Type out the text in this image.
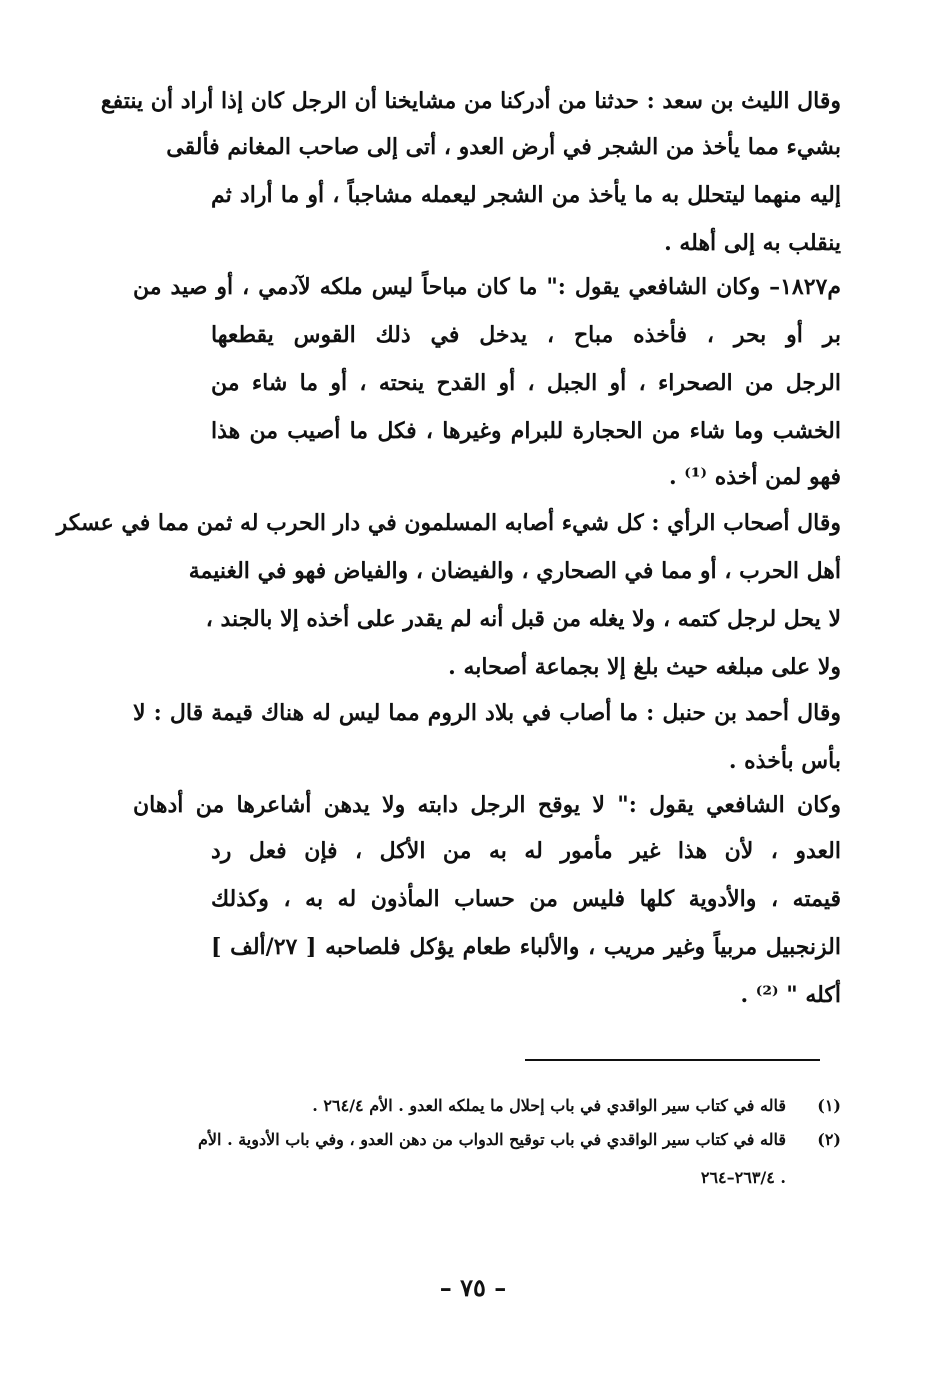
وقال الليث بن سعد : حدثنا من أدركنا من مشايخنا أن الرجل كان إذا أراد أن ينتفع
بشيء مما يأخذ من الشجر في أرض العدو ، أتى إلى صاحب المغانم فألقى
إليه منهما ليتحلل به ما يأخذ من الشجر ليعمله مشاجباً ، أو ما أراد ثم
ينقلب به إلى أهله .
م١٨٢٧– وكان الشافعي يقول :" ما كان مباحاً ليس ملكه لآدمي ، أو صيد من
بر أو بحر ، فأخذه مباح ، يدخل في ذلك القوس يقطعها
الرجل من الصحراء ، أو الجبل ، أو القدح ينحته ، أو ما شاء من
الخشب وما شاء من الحجارة للبرام وغيرها ، فكل ما أصيب من هذا
فهو لمن أخذه ⁽¹⁾ .
وقال أصحاب الرأي : كل شيء أصابه المسلمون في دار الحرب له ثمن مما في عسكر
أهل الحرب ، أو مما في الصحاري ، والفيضان ، والفياض فهو في الغنيمة
لا يحل لرجل كتمه ، ولا يغله من قبل أنه لم يقدر على أخذه إلا بالجند ،
ولا على مبلغه حيث بلغ إلا بجماعة أصحابه .
وقال أحمد بن حنبل : ما أصاب في بلاد الروم مما ليس له هناك قيمة قال : لا
بأس بأخذه .
وكان الشافعي يقول :" لا يوقح الرجل دابته ولا يدهن أشاعرها من أدهان
العدو ، لأن هذا غير مأمور له به من الأكل ، فإن فعل رد
قيمته ، والأدوية كلها فليس من حساب المأذون له به ، وكذلك
الزنجبيل مربياً وغير مريب ، والألباء طعام يؤكل فلصاحبه [ ٢٧/ألف ]
أكله " ⁽²⁾ .
(١)
قاله في كتاب سير الواقدي في باب إحلال ما يملكه العدو . الأم ٢٦٤/٤ .
(٢)
قاله في كتاب سير الواقدي في باب توقيح الدواب من دهن العدو ، وفي باب الأدوية . الأم
٢٦٣/٤–٢٦٤ .
– ٧٥ –
